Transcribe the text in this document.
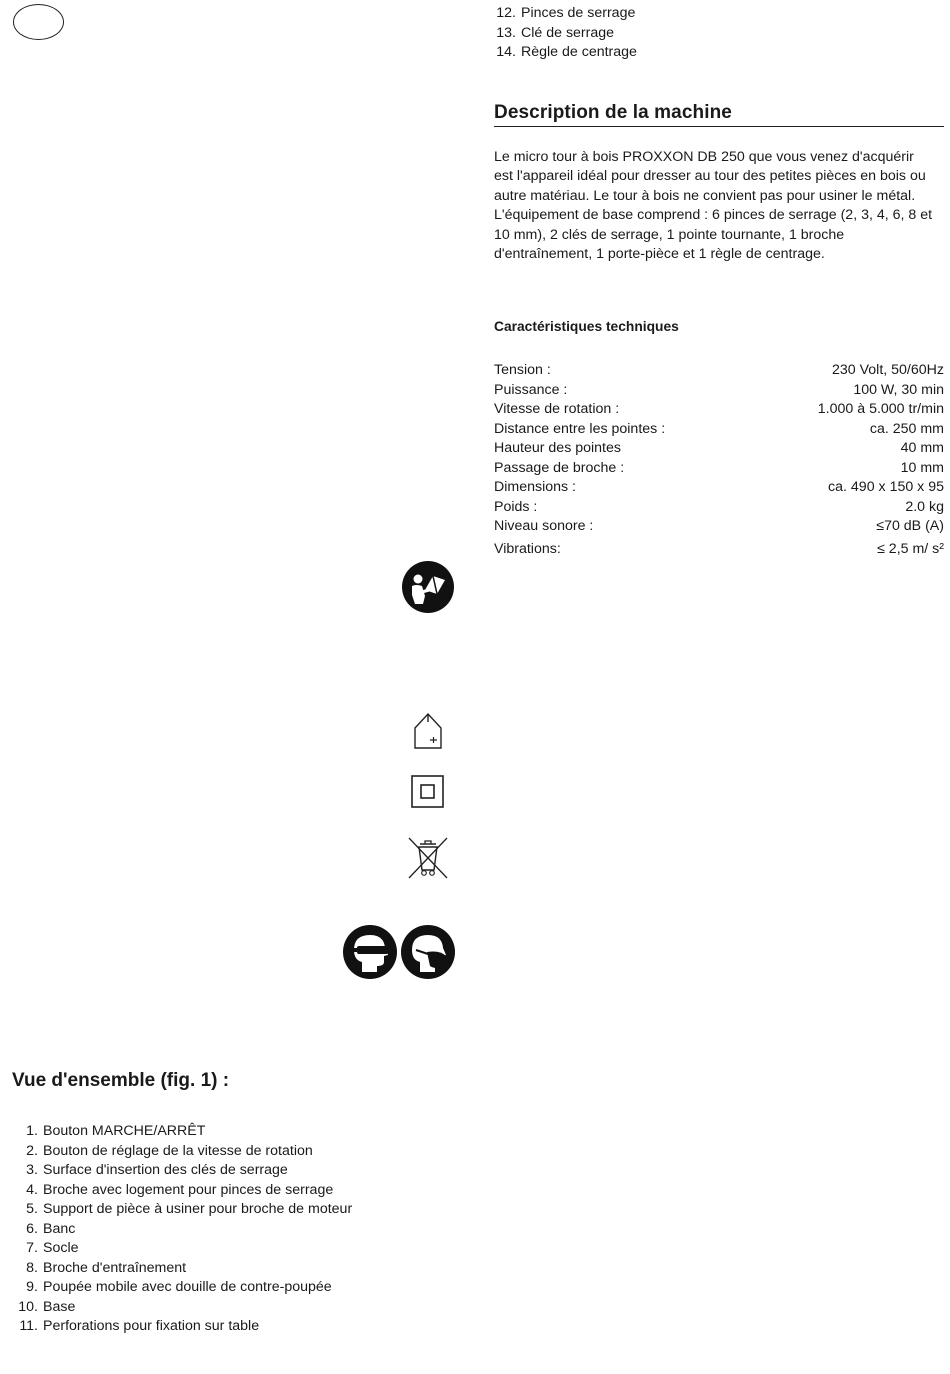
12. Pinces de serrage
13. Clé de serrage
14. Règle de centrage
Description de la machine

Le micro tour à bois PROXXON DB 250 que vous venez d'acquérir est l'appareil idéal pour dresser au tour des petites pièces en bois ou autre matériau. Le tour à bois ne convient pas pour usiner le métal. L'équipement de base comprend : 6 pinces de serrage (2, 3, 4, 6, 8 et 10 mm), 2 clés de serrage, 1 pointe tournante, 1 broche d'entraînement, 1 porte-pièce et 1 règle de centrage.

Caractéristiques techniques
Tension :	230 Volt, 50/60Hz
Puissance :	100 W, 30 min
Vitesse de rotation :	1.000 à 5.000 tr/min
Distance entre les pointes :	ca. 250 mm
Hauteur des pointes	40 mm
Passage de broche :	10 mm
Dimensions :	ca. 490 x 150 x 95
Poids :	2.0 kg
Niveau sonore :	≤70 dB (A)
Vibrations:	≤ 2,5 m/ s²
Vue d'ensemble (fig. 1) :
1. Bouton MARCHE/ARRÊT
2. Bouton de réglage de la vitesse de rotation
3. Surface d'insertion des clés de serrage
4. Broche avec logement pour pinces de serrage
5. Support de pièce à usiner pour broche de moteur
6. Banc
7. Socle
8. Broche d'entraînement
9. Poupée mobile avec douille de contre-poupée
10. Base
11. Perforations pour fixation sur table
